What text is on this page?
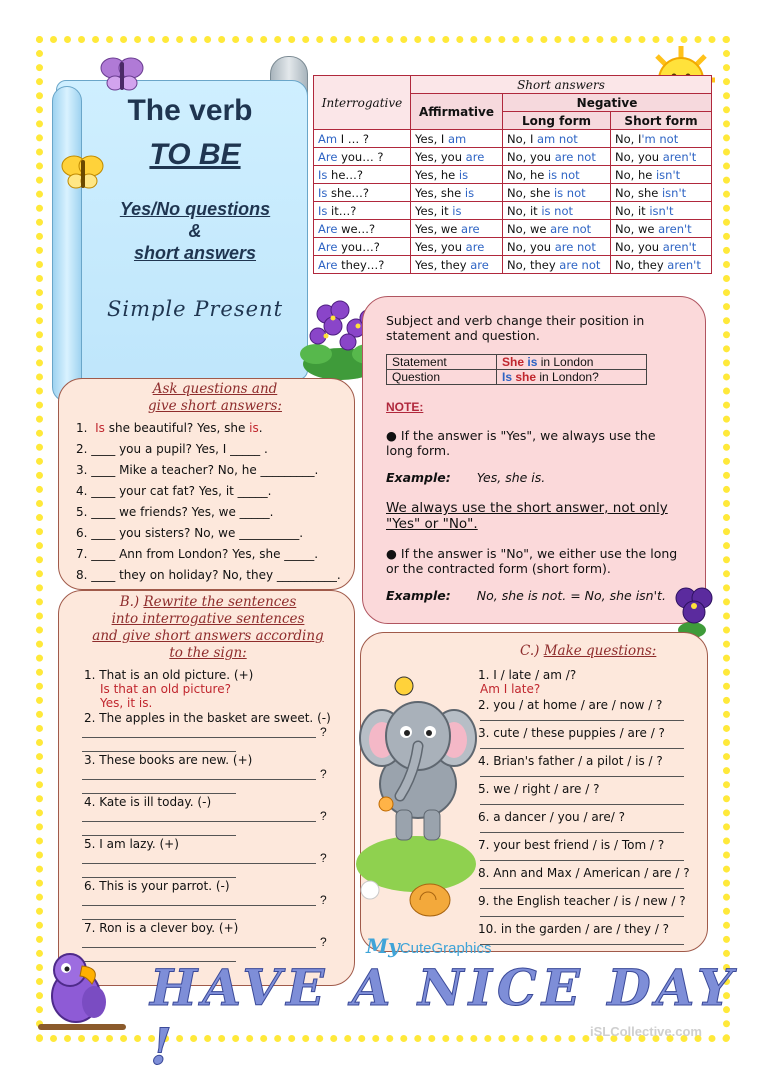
The verb
TO BE
Yes/No questions
&
short answers
Simple Present
Interrogative	Short answers		
	Affirmative	Negative	
		Long form	Short form
Am I … ?	Yes, I am	No, I am not	No, I'm not
Are you… ?	Yes, you are	No, you are not	No, you aren't
Is he…?	Yes, he is	No, he is not	No, he isn't
Is she…?	Yes, she is	No, she is not	No, she isn't
Is it…?	Yes, it is	No, it is not	No, it isn't
Are we…?	Yes, we are	No, we are not	No, we aren't
Are you…?	Yes, you are	No, you are not	No, you aren't
Are they…?	Yes, they are	No, they are not	No, they aren't
Subject and verb change their position in statement and question.
Statement	She is in London
Question	Is she in London?
NOTE:
● If the answer is "Yes", we always use the long form.
Example: Yes, she is.
We always use the short answer, not only "Yes" or "No".
● If the answer is "No", we either use the long or the contracted form (short form).
Example: No, she is not. = No, she isn't.
Ask questions and
give short answers:
1. Is she beautiful? Yes, she is.
2. ____ you a pupil? Yes, I _____ .
3. ____ Mike a teacher? No, he _________.
4. ____ your cat fat? Yes, it _____.
5. ____ we friends? Yes, we _____.
6. ____ you sisters? No, we __________.
7. ____ Ann from London? Yes, she _____.
8. ____ they on holiday? No, they __________.
B.) Rewrite the sentences
into interrogative sentences
and give short answers according
to the sign:
1. That is an old picture. (+)
Is that an old picture?
Yes, it is.
2. The apples in the basket are sweet. (-)
?
3. These books are new. (+)
?
4. Kate is ill today. (-)
?
5. I am lazy. (+)
?
6. This is your parrot. (-)
?
7. Ron is a clever boy. (+)
?
C.) Make questions:
1. I / late / am /?
Am I late?
2. you / at home / are / now / ?
3. cute / these puppies / are / ?
4. Brian's father / a pilot / is / ?
5. we / right / are / ?
6. a dancer / you / are/ ?
7. your best friend / is / Tom / ?
8. Ann and Max / American / are / ?
9. the English teacher / is / new / ?
10. in the garden / are / they / ?
MyCuteGraphics
HAVE A NICE DAY !	iSLCollective.com
